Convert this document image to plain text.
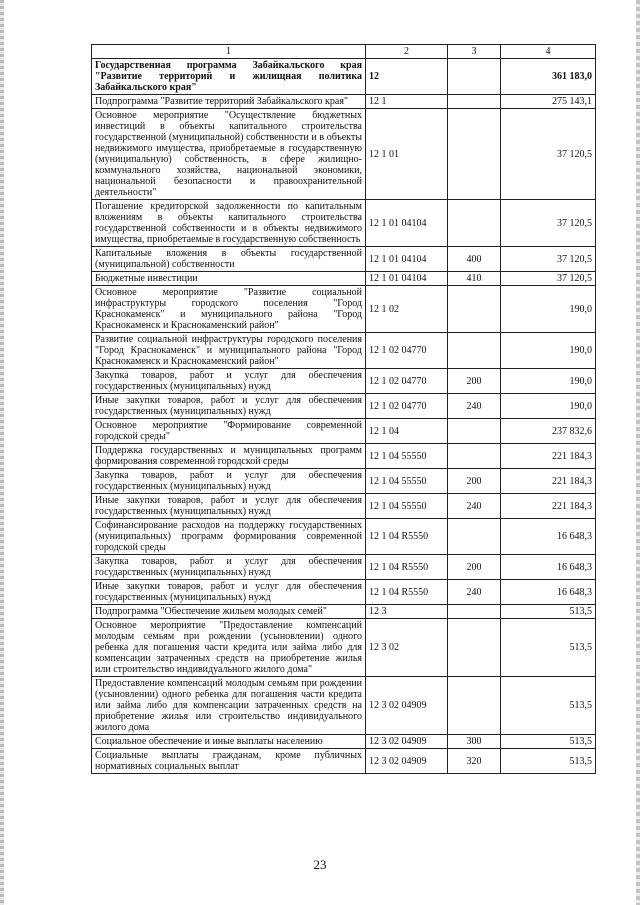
1	2	3	4
Государственная программа Забайкальского края "Развитие территорий и жилищная политика Забайкальского края"	12		361 183,0
Подпрограмма "Развитие территорий Забайкальского края"	12 1		275 143,1
Основное мероприятие "Осуществление бюджетных инвестиций в объекты капитального строительства государственной (муниципальной) собственности и в объекты недвижимого имущества, приобретаемые в государственную (муниципальную) собственность, в сфере жилищно-коммунального хозяйства, национальной экономики, национальной безопасности и правоохранительной деятельности"	12 1 01		37 120,5
Погашение кредиторской задолженности по капитальным вложениям в объекты капитального строительства государственной собственности и в объекты недвижимого имущества, приобретаемые в государственную собственность	12 1 01 04104		37 120,5
Капитальные вложения в объекты государственной (муниципальной) собственности	12 1 01 04104	400	37 120,5
Бюджетные инвестиции	12 1 01 04104	410	37 120,5
Основное мероприятие "Развитие социальной инфраструктуры городского поселения "Город Краснокаменск" и муниципального района "Город Краснокаменск и Краснокаменский район"	12 1 02		190,0
Развитие социальной инфраструктуры городского поселения "Город Краснокаменск" и муниципального района "Город Краснокаменск и Краснокаменский район"	12 1 02 04770		190,0
Закупка товаров, работ и услуг для обеспечения государственных (муниципальных) нужд	12 1 02 04770	200	190,0
Иные закупки товаров, работ и услуг для обеспечения государственных (муниципальных) нужд	12 1 02 04770	240	190,0
Основное мероприятие "Формирование современной городской среды"	12 1 04		237 832,6
Поддержка государственных и муниципальных программ формирования современной городской среды	12 1 04 55550		221 184,3
Закупка товаров, работ и услуг для обеспечения государственных (муниципальных) нужд	12 1 04 55550	200	221 184,3
Иные закупки товаров, работ и услуг для обеспечения государственных (муниципальных) нужд	12 1 04 55550	240	221 184,3
Софинансирование расходов на поддержку государственных (муниципальных) программ формирования современной городской среды	12 1 04 R5550		16 648,3
Закупка товаров, работ и услуг для обеспечения государственных (муниципальных) нужд	12 1 04 R5550	200	16 648,3
Иные закупки товаров, работ и услуг для обеспечения государственных (муниципальных) нужд	12 1 04 R5550	240	16 648,3
Подпрограмма "Обеспечение жильем молодых семей"	12 3		513,5
Основное мероприятие "Предоставление компенсаций молодым семьям при рождении (усыновлении) одного ребенка для погашения части кредита или займа либо для компенсации затраченных средств на приобретение жилья или строительство индивидуального жилого дома"	12 3 02		513,5
Предоставление компенсаций молодым семьям при рождении (усыновлении) одного ребенка для погашения части кредита или займа либо для компенсации затраченных средств на приобретение жилья или строительство индивидуального жилого дома	12 3 02 04909		513,5
Социальное обеспечение и иные выплаты населению	12 3 02 04909	300	513,5
Социальные выплаты гражданам, кроме публичных нормативных социальных выплат	12 3 02 04909	320	513,5
23
